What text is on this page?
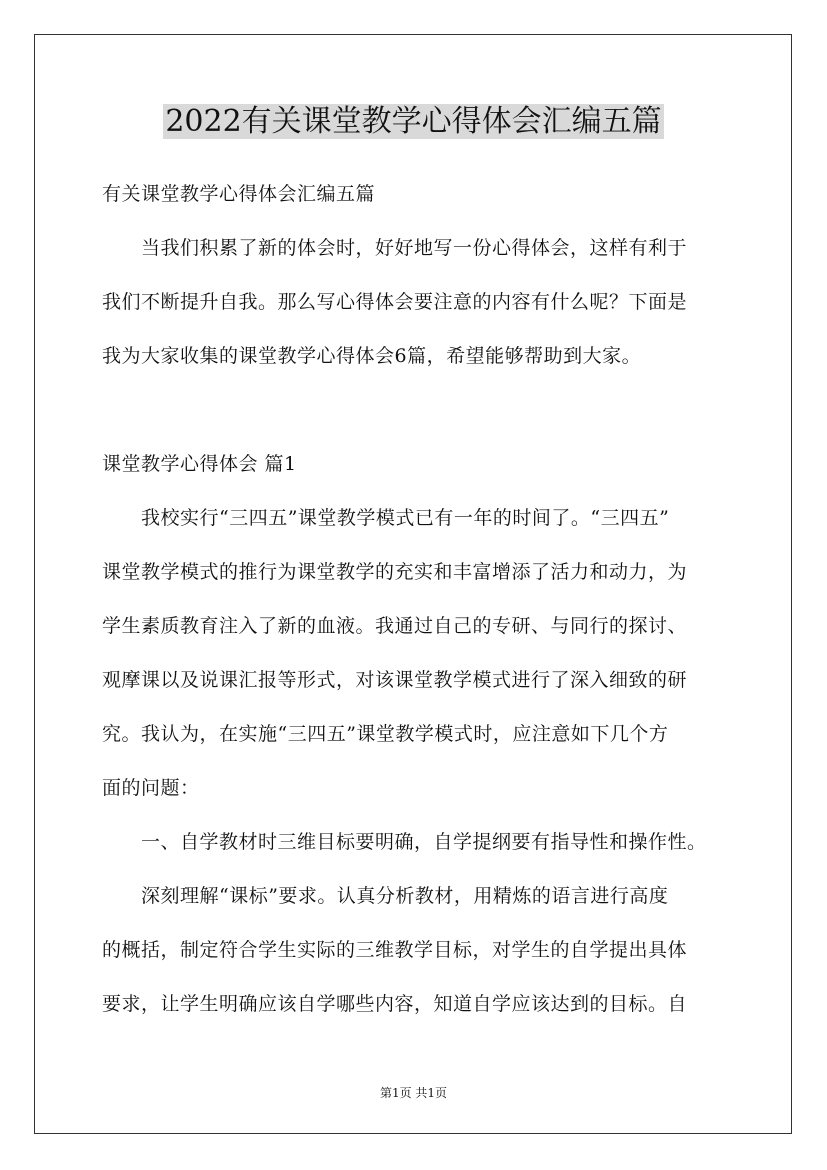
2022有关课堂教学心得体会汇编五篇
有关课堂教学心得体会汇编五篇
　　当我们积累了新的体会时，好好地写一份心得体会，这样有利于
我们不断提升自我。那么写心得体会要注意的内容有什么呢？下面是
我为大家收集的课堂教学心得体会6篇，希望能够帮助到大家。
课堂教学心得体会 篇1
　　我校实行“三四五”课堂教学模式已有一年的时间了。“三四五”
课堂教学模式的推行为课堂教学的充实和丰富增添了活力和动力，为
学生素质教育注入了新的血液。我通过自己的专研、与同行的探讨、
观摩课以及说课汇报等形式，对该课堂教学模式进行了深入细致的研
究。我认为，在实施“三四五”课堂教学模式时，应注意如下几个方
面的问题：
　　一、自学教材时三维目标要明确，自学提纲要有指导性和操作性。
　　深刻理解“课标”要求。认真分析教材，用精炼的语言进行高度
的概括，制定符合学生实际的三维教学目标，对学生的自学提出具体
要求，让学生明确应该自学哪些内容，知道自学应该达到的目标。自
第1页 共1页
